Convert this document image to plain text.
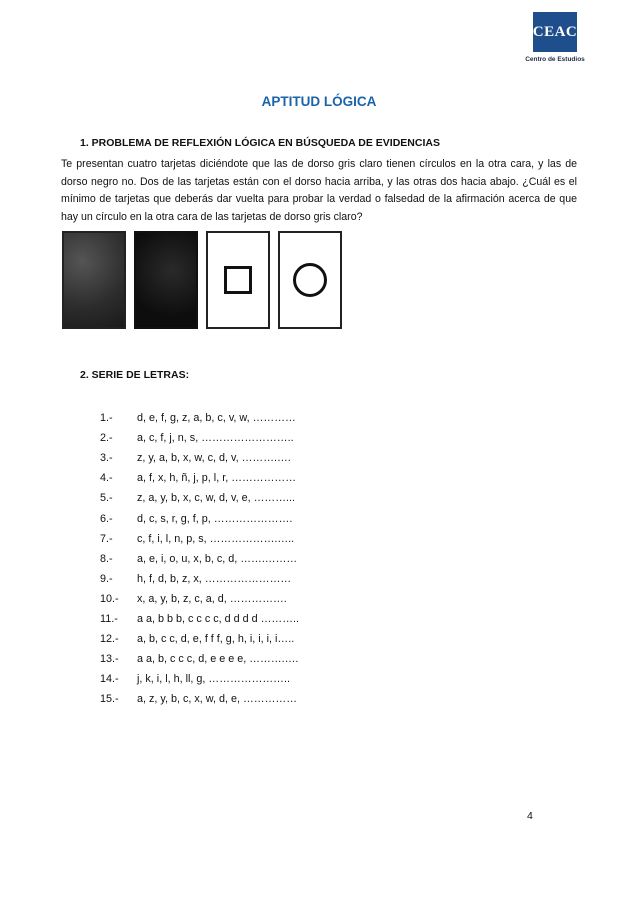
CEAC
Centro de Estudios
APTITUD LÓGICA
1. PROBLEMA DE REFLEXIÓN LÓGICA EN BÚSQUEDA DE EVIDENCIAS
Te presentan cuatro tarjetas diciéndote que las de dorso gris claro tienen círculos en la otra cara, y las de dorso negro no. Dos de las tarjetas están con el dorso hacia arriba, y las otras dos hacia abajo. ¿Cuál es el mínimo de tarjetas que deberás dar vuelta para probar la verdad o falsedad de la afirmación acerca de que hay un círculo en la otra cara de las tarjetas de dorso gris claro?
2. SERIE DE LETRAS:
1.-	d, e, f, g, z, a, b, c, v, w, …………
2.-	a, c, f, j, n, s, ……………………..
3.-	z, y, a, b, x, w, c, d, v, ……….….
4.-	a, f, x, h, ñ, j, p, l, r, ………………
5.-	z, a, y, b, x, c, w, d, v, e, ………...
6.-	d, c, s, r, g, f, p, ………………….
7.-	c, f, i, l, n, p, s, ……………….…..
8.-	a, e, i, o, u, x, b, c, d, …….………
9.-	h, f, d, b, z, x, ……………………
10.-	x, a, y, b, z, c, a, d, …………….
11.-	a a, b b b, c c c c, d d d d ………..
12.-	a, b, c c, d, e, f f f, g, h, i, i, i, i…..
13.-	a a, b, c c c, d, e e e e, ……….….
14.-	j, k, i, l, h, ll, g, …………………..
15.-	a, z, y, b, c, x, w, d, e, ……………
4
